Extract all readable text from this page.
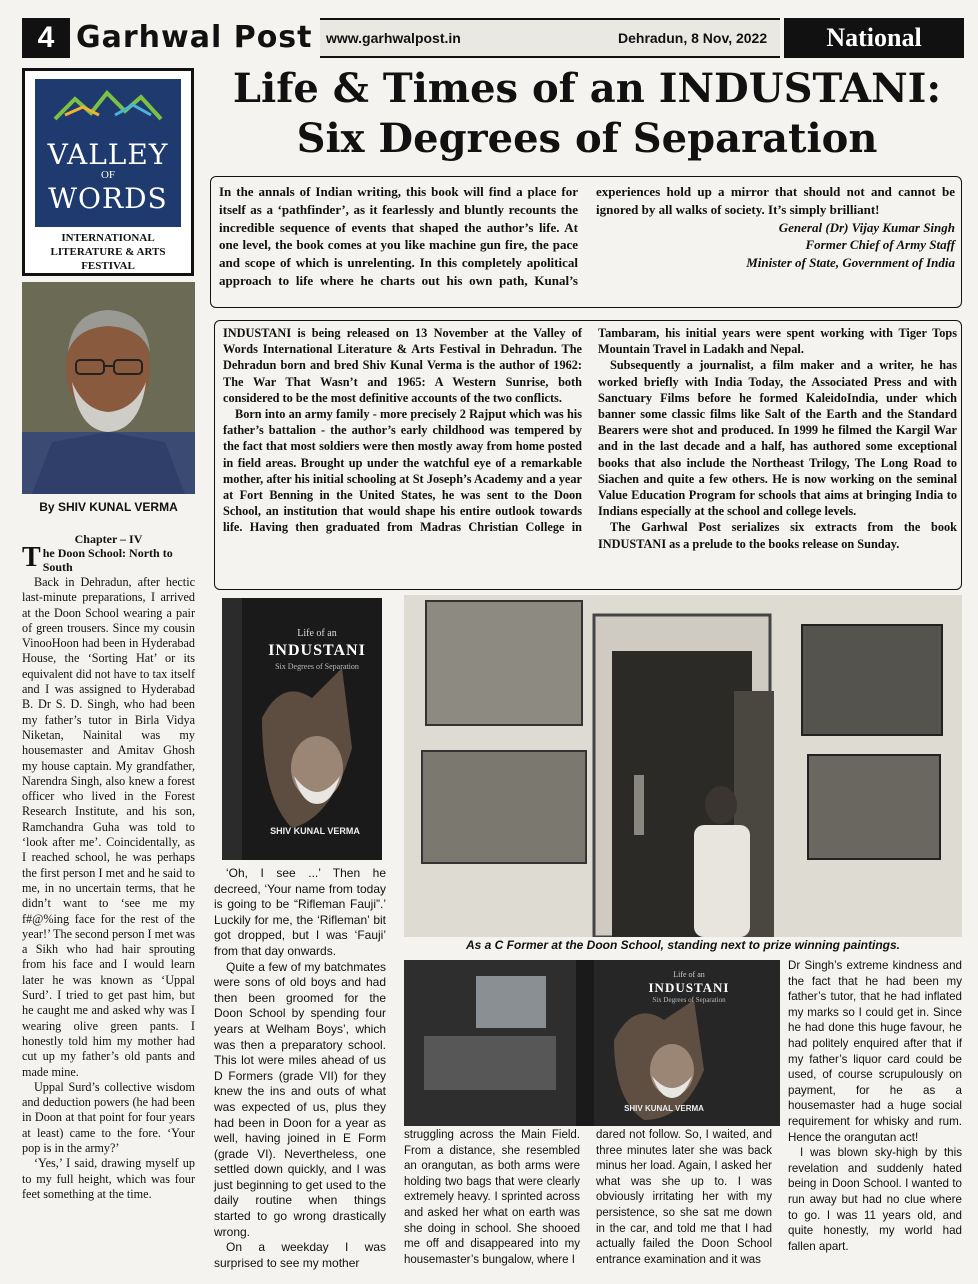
4 Garhwal Post www.garhwalpost.in	Dehradun, 8 Nov, 2022	National
VALLEY
OF
WORDS
INTERNATIONAL LITERATURE & ARTS FESTIVAL
By SHIV KUNAL VERMA
Life & Times of an INDUSTANI:
Six Degrees of Separation
In the annals of Indian writing, this book will find a place for itself as a ‘pathfinder’, as it fearlessly and bluntly recounts the incredible sequence of events that shaped the author’s life. At one level, the book comes at you like machine gun fire, the pace and scope of which is unrelenting. In this completely apolitical approach to life where he charts out his own path, Kunal’s experiences hold up a mirror that should not and cannot be ignored by all walks of society. It’s simply brilliant!
General (Dr) Vijay Kumar Singh
Former Chief of Army Staff
Minister of State, Government of India

INDUSTANI is being released on 13 November at the Valley of Words International Literature & Arts Festival in Dehradun. The Dehradun born and bred Shiv Kunal Verma is the author of 1962: The War That Wasn’t and 1965: A Western Sunrise, both considered to be the most definitive accounts of the two conflicts.

Born into an army family - more precisely 2 Rajput which was his father’s battalion - the author’s early childhood was tempered by the fact that most soldiers were then mostly away from home posted in field areas. Brought up under the watchful eye of a remarkable mother, after his initial schooling at St Joseph’s Academy and a year at Fort Benning in the United States, he was sent to the Doon School, an institution that would shape his entire outlook towards life. Having then graduated from Madras Christian College in Tambaram, his initial years were spent working with Tiger Tops Mountain Travel in Ladakh and Nepal.

Subsequently a journalist, a film maker and a writer, he has worked briefly with India Today, the Associated Press and with Sanctuary Films before he formed KaleidoIndia, under which banner some classic films like Salt of the Earth and the Standard Bearers were shot and produced. In 1999 he filmed the Kargil War and in the last decade and a half, has authored some exceptional books that also include the Northeast Trilogy, The Long Road to Siachen and quite a few others. He is now working on the seminal Value Education Program for schools that aims at bringing India to Indians especially at the school and college levels.

The Garhwal Post serializes six extracts from the book INDUSTANI as a prelude to the books release on Sunday.

Chapter – IV
The Doon School: North to South

Back in Dehradun, after hectic last-minute preparations, I arrived at the Doon School wearing a pair of green trousers. Since my cousin VinooHoon had been in Hyderabad House, the ‘Sorting Hat’ or its equivalent did not have to tax itself and I was assigned to Hyderabad B. Dr S. D. Singh, who had been my father’s tutor in Birla Vidya Niketan, Nainital was my housemaster and Amitav Ghosh my house captain. My grandfather, Narendra Singh, also knew a forest officer who lived in the Forest Research Institute, and his son, Ramchandra Guha was told to ‘look after me’. Coincidentally, as I reached school, he was perhaps the first person I met and he said to me, in no uncertain terms, that he didn’t want to ‘see me my f#@%ing face for the rest of the year!’ The second person I met was a Sikh who had hair sprouting from his face and I would learn later he was known as ‘Uppal Surd’. I tried to get past him, but he caught me and asked why was I wearing olive green pants. I honestly told him my mother had cut up my father’s old pants and made mine.

Uppal Surd’s collective wisdom and deduction powers (he had been in Doon at that point for four years at least) came to the fore. ‘Your pop is in the army?’

‘Yes,’ I said, drawing myself up to my full height, which was four feet something at the time.

Life of an
INDUSTANI
Six Degrees of Separation
SHIV KUNAL VERMA

‘Oh, I see ...’ Then he decreed, ‘Your name from today is going to be “Rifleman Fauji”.’ Luckily for me, the ‘Rifleman’ bit got dropped, but I was ‘Fauji’ from that day onwards.

Quite a few of my batchmates were sons of old boys and had then been groomed for the Doon School by spending four years at Welham Boys’, which was then a preparatory school. This lot were miles ahead of us D Formers (grade VII) for they knew the ins and outs of what was expected of us, plus they had been in Doon for a year as well, having joined in E Form (grade VI). Nevertheless, one settled down quickly, and I was just beginning to get used to the daily routine when things started to go wrong drastically wrong.

On a weekday I was surprised to see my mother

As a C Former at the Doon School, standing next to prize winning paintings.
Life of an
INDUSTANI
Six Degrees of Separation
SHIV KUNAL VERMA

struggling across the Main Field. From a distance, she resembled an orangutan, as both arms were holding two bags that were clearly extremely heavy. I sprinted across and asked her what on earth was she doing in school. She shooed me off and disappeared into my housemaster’s bungalow, where I

dared not follow. So, I waited, and three minutes later she was back minus her load. Again, I asked her what was she up to. I was obviously irritating her with my persistence, so she sat me down in the car, and told me that I had actually failed the Doon School entrance examination and it was

Dr Singh’s extreme kindness and the fact that he had been my father’s tutor, that he had inflated my marks so I could get in. Since he had done this huge favour, he had politely enquired after that if my father’s liquor card could be used, of course scrupulously on payment, for he as a housemaster had a huge social requirement for whisky and rum. Hence the orangutan act!

I was blown sky-high by this revelation and suddenly hated being in Doon School. I wanted to run away but had no clue where to go. I was 11 years old, and quite honestly, my world had fallen apart.
